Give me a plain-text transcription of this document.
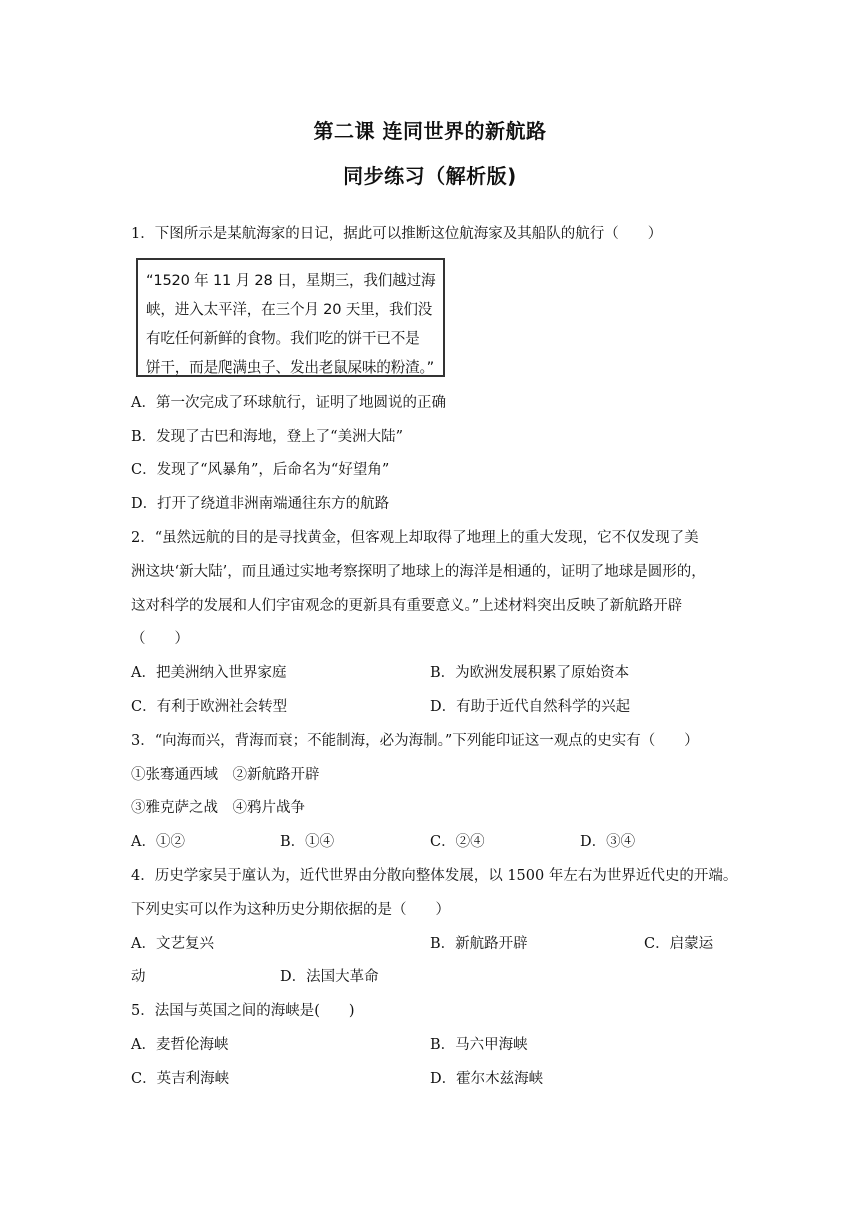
第二课 连同世界的新航路
同步练习（解析版)
1．下图所示是某航海家的日记，据此可以推断这位航海家及其船队的航行（　　）
“1520 年 11 月 28 日，星期三，我们越过海
峡，进入太平洋，在三个月 20 天里，我们没
有吃任何新鲜的食物。我们吃的饼干已不是
饼干，而是爬满虫子、发出老鼠屎味的粉渣。”
A．第一次完成了环球航行，证明了地圆说的正确
B．发现了古巴和海地，登上了“美洲大陆”
C．发现了“风暴角”，后命名为“好望角”
D．打开了绕道非洲南端通往东方的航路
2．“虽然远航的目的是寻找黄金，但客观上却取得了地理上的重大发现，它不仅发现了美
洲这块‘新大陆’，而且通过实地考察探明了地球上的海洋是相通的，证明了地球是圆形的，
这对科学的发展和人们宇宙观念的更新具有重要意义。”上述材料突出反映了新航路开辟
（　　）
A．把美洲纳入世界家庭	B．为欧洲发展积累了原始资本
C．有利于欧洲社会转型	D．有助于近代自然科学的兴起
3．“向海而兴，背海而衰；不能制海，必为海制。”下列能印证这一观点的史实有（　　）
①张骞通西域　②新航路开辟
③雅克萨之战　④鸦片战争
A．①②	B．①④	C．②④	D．③④
4．历史学家吴于廑认为，近代世界由分散向整体发展，以 1500 年左右为世界近代史的开端。
下列史实可以作为这种历史分期依据的是（　　）
A．文艺复兴	B．新航路开辟	C．启蒙运
动	D．法国大革命
5．法国与英国之间的海峡是(　　)
A．麦哲伦海峡	B．马六甲海峡
C．英吉利海峡	D．霍尔木兹海峡
